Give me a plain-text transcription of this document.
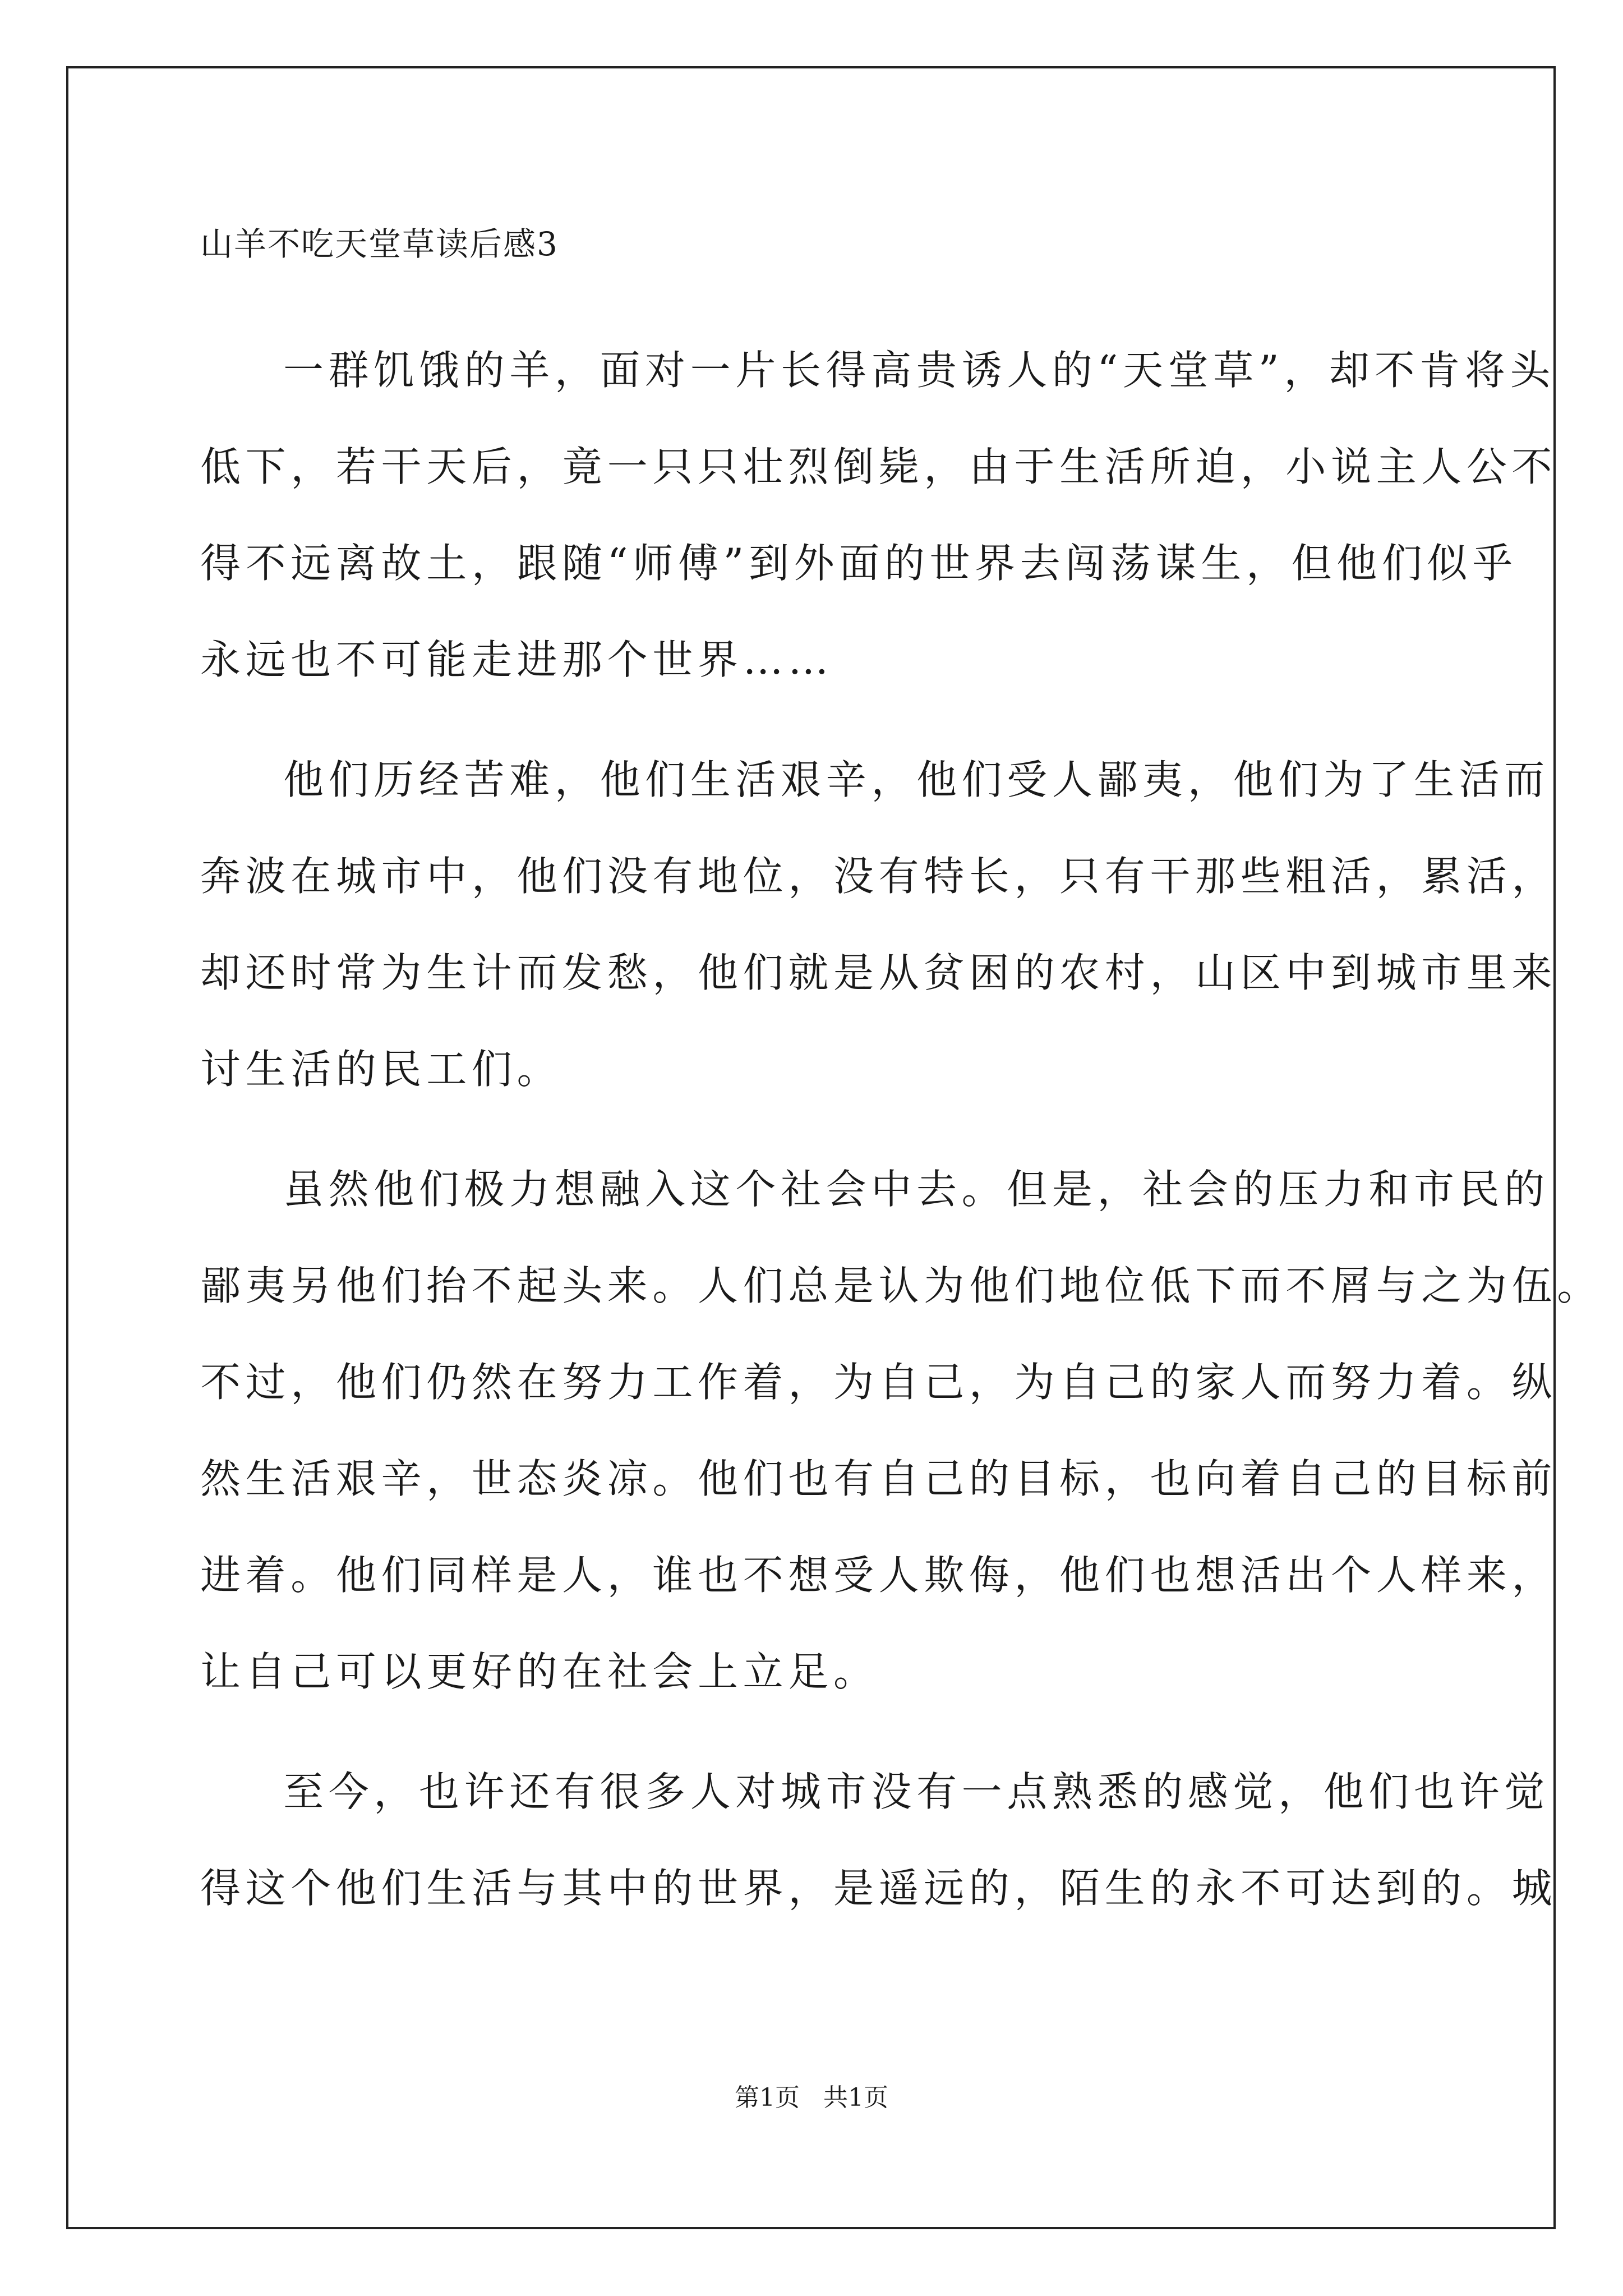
山羊不吃天堂草读后感3
一群饥饿的羊，面对一片长得高贵诱人的“天堂草”，却不肯将头
低下，若干天后，竟一只只壮烈倒毙，由于生活所迫，小说主人公不
得不远离故土，跟随“师傅”到外面的世界去闯荡谋生，但他们似乎
永远也不可能走进那个世界……
他们历经苦难，他们生活艰辛，他们受人鄙夷，他们为了生活而
奔波在城市中，他们没有地位，没有特长，只有干那些粗活，累活，
却还时常为生计而发愁，他们就是从贫困的农村，山区中到城市里来
讨生活的民工们。
虽然他们极力想融入这个社会中去。但是，社会的压力和市民的
鄙夷另他们抬不起头来。人们总是认为他们地位低下而不屑与之为伍。
不过，他们仍然在努力工作着，为自己，为自己的家人而努力着。纵
然生活艰辛，世态炎凉。他们也有自己的目标，也向着自己的目标前
进着。他们同样是人，谁也不想受人欺侮，他们也想活出个人样来，
让自己可以更好的在社会上立足。
至今，也许还有很多人对城市没有一点熟悉的感觉，他们也许觉
得这个他们生活与其中的世界，是遥远的，陌生的永不可达到的。城
第1页   共1页
